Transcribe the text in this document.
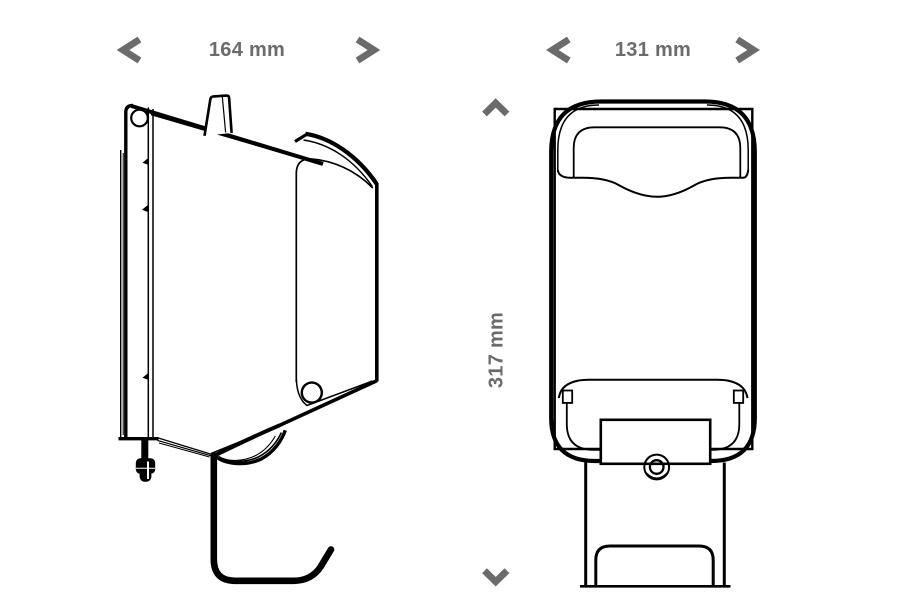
164 mm	131 mm
317 mm
